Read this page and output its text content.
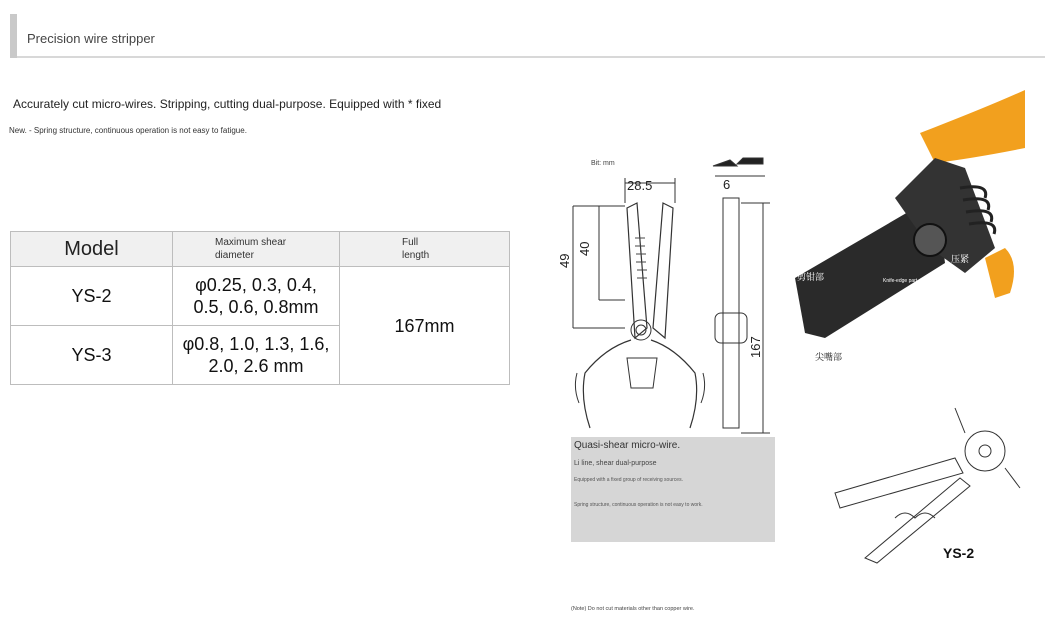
Precision wire stripper
Accurately cut micro-wires. Stripping, cutting dual-purpose. Equipped with * fixed
New. - Spring structure, continuous operation is not easy to fatigue.
Model	Maximum shear diameter	Full length

YS-2	φ0.25, 0.3, 0.4, 0.5, 0.6, 0.8mm	167mm
YS-3	φ0.8, 1.0, 1.3, 1.6, 2.0, 2.6 mm	
Bit: mm
28.5
49
40
6
167
剪钳部	Knife-edge part
压紧
尖嘴部
YS-2
Quasi-shear micro-wire.
Li line, shear dual-purpose
Equipped with a fixed group of receiving sources.
Spring structure, continuous operation is not easy to work.
(Note) Do not cut materials other than copper wire.
